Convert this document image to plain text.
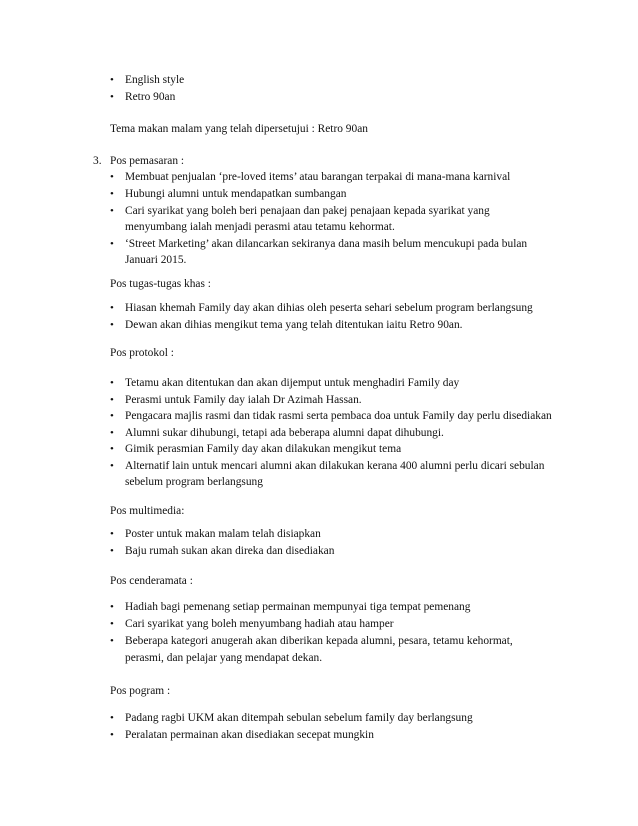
• English style
• Retro 90an
Tema makan malam yang telah dipersetujui : Retro 90an
3. Pos pemasaran :
• Membuat penjualan ‘pre-loved items’ atau barangan terpakai di mana-mana karnival
• Hubungi alumni untuk mendapatkan sumbangan
• Cari syarikat yang boleh beri penajaan dan pakej penajaan kepada syarikat yang
menyumbang ialah menjadi perasmi atau tetamu kehormat.
• ‘Street Marketing’ akan dilancarkan sekiranya dana masih belum mencukupi pada bulan
Januari 2015.
Pos tugas-tugas khas :
• Hiasan khemah Family day akan dihias oleh peserta sehari sebelum program berlangsung
• Dewan akan dihias mengikut tema yang telah ditentukan iaitu Retro 90an.
Pos protokol :
• Tetamu akan ditentukan dan akan dijemput untuk menghadiri Family day
• Perasmi untuk Family day ialah Dr Azimah Hassan.
• Pengacara majlis rasmi dan tidak rasmi serta pembaca doa untuk Family day perlu disediakan
• Alumni sukar dihubungi, tetapi ada beberapa alumni dapat dihubungi.
• Gimik perasmian Family day akan dilakukan mengikut tema
• Alternatif lain untuk mencari alumni akan dilakukan kerana 400 alumni perlu dicari sebulan
sebelum program berlangsung
Pos multimedia:
• Poster untuk makan malam telah disiapkan
• Baju rumah sukan akan direka dan disediakan
Pos cenderamata :
• Hadiah bagi pemenang setiap permainan mempunyai tiga tempat pemenang
• Cari syarikat yang boleh menyumbang hadiah atau hamper
• Beberapa kategori anugerah akan diberikan kepada alumni, pesara, tetamu kehormat,
perasmi, dan pelajar yang mendapat dekan.
Pos pogram :
• Padang ragbi UKM akan ditempah sebulan sebelum family day berlangsung
• Peralatan permainan akan disediakan secepat mungkin
